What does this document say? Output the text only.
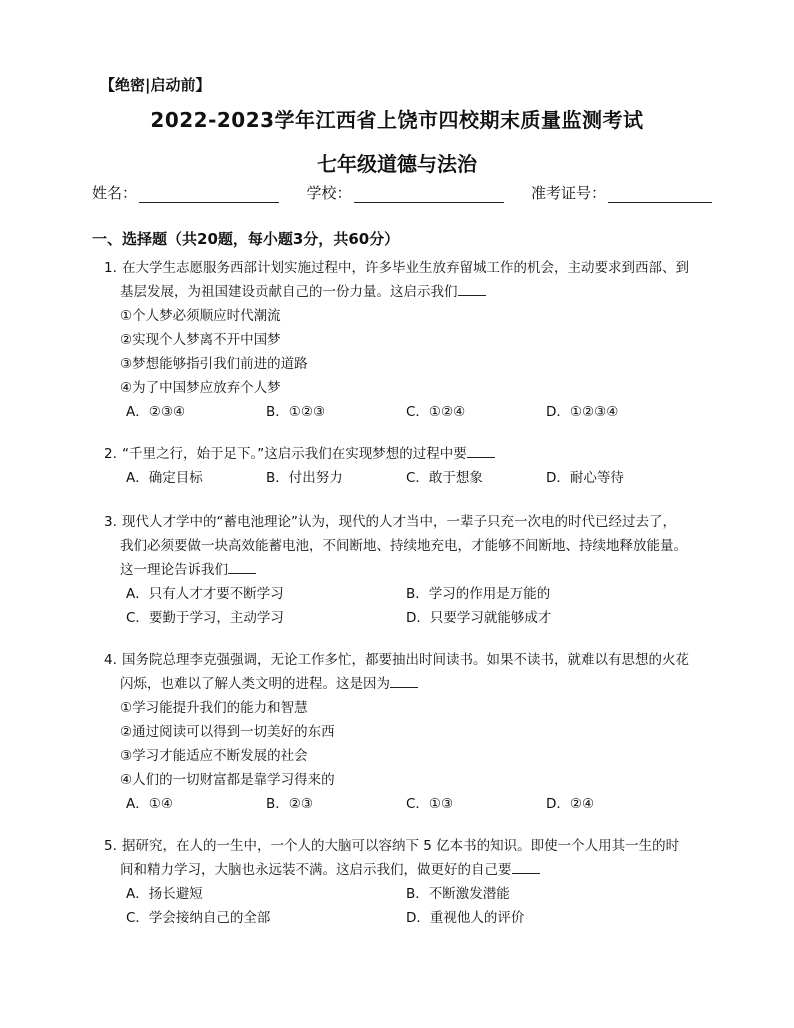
【绝密|启动前】
2022-2023学年江西省上饶市四校期末质量监测考试
七年级道德与法治
姓名：	学校：	准考证号：
一、选择题（共20题，每小题3分，共60分）
1. 在大学生志愿服务西部计划实施过程中，许多毕业生放弃留城工作的机会，主动要求到西部、到
基层发展，为祖国建设贡献自己的一份力量。这启示我们
①个人梦必须顺应时代潮流
②实现个人梦离不开中国梦
③梦想能够指引我们前进的道路
④为了中国梦应放弃个人梦
A．②③④	B．①②③	C．①②④	D．①②③④
2. “千里之行，始于足下。”这启示我们在实现梦想的过程中要
A．确定目标	B．付出努力	C．敢于想象	D．耐心等待
3. 现代人才学中的“蓄电池理论”认为，现代的人才当中，一辈子只充一次电的时代已经过去了，
我们必须要做一块高效能蓄电池，不间断地、持续地充电，才能够不间断地、持续地释放能量。
这一理论告诉我们
A．只有人才才要不断学习	B．学习的作用是万能的
C．要勤于学习，主动学习	D．只要学习就能够成才
4. 国务院总理李克强强调，无论工作多忙，都要抽出时间读书。如果不读书，就难以有思想的火花
闪烁，也难以了解人类文明的进程。这是因为
①学习能提升我们的能力和智慧
②通过阅读可以得到一切美好的东西
③学习才能适应不断发展的社会
④人们的一切财富都是靠学习得来的
A．①④	B．②③	C．①③	D．②④
5. 据研究，在人的一生中，一个人的大脑可以容纳下 5 亿本书的知识。即使一个人用其一生的时
间和精力学习，大脑也永远装不满。这启示我们，做更好的自己要
A．扬长避短	B．不断激发潜能
C．学会接纳自己的全部	D．重视他人的评价
